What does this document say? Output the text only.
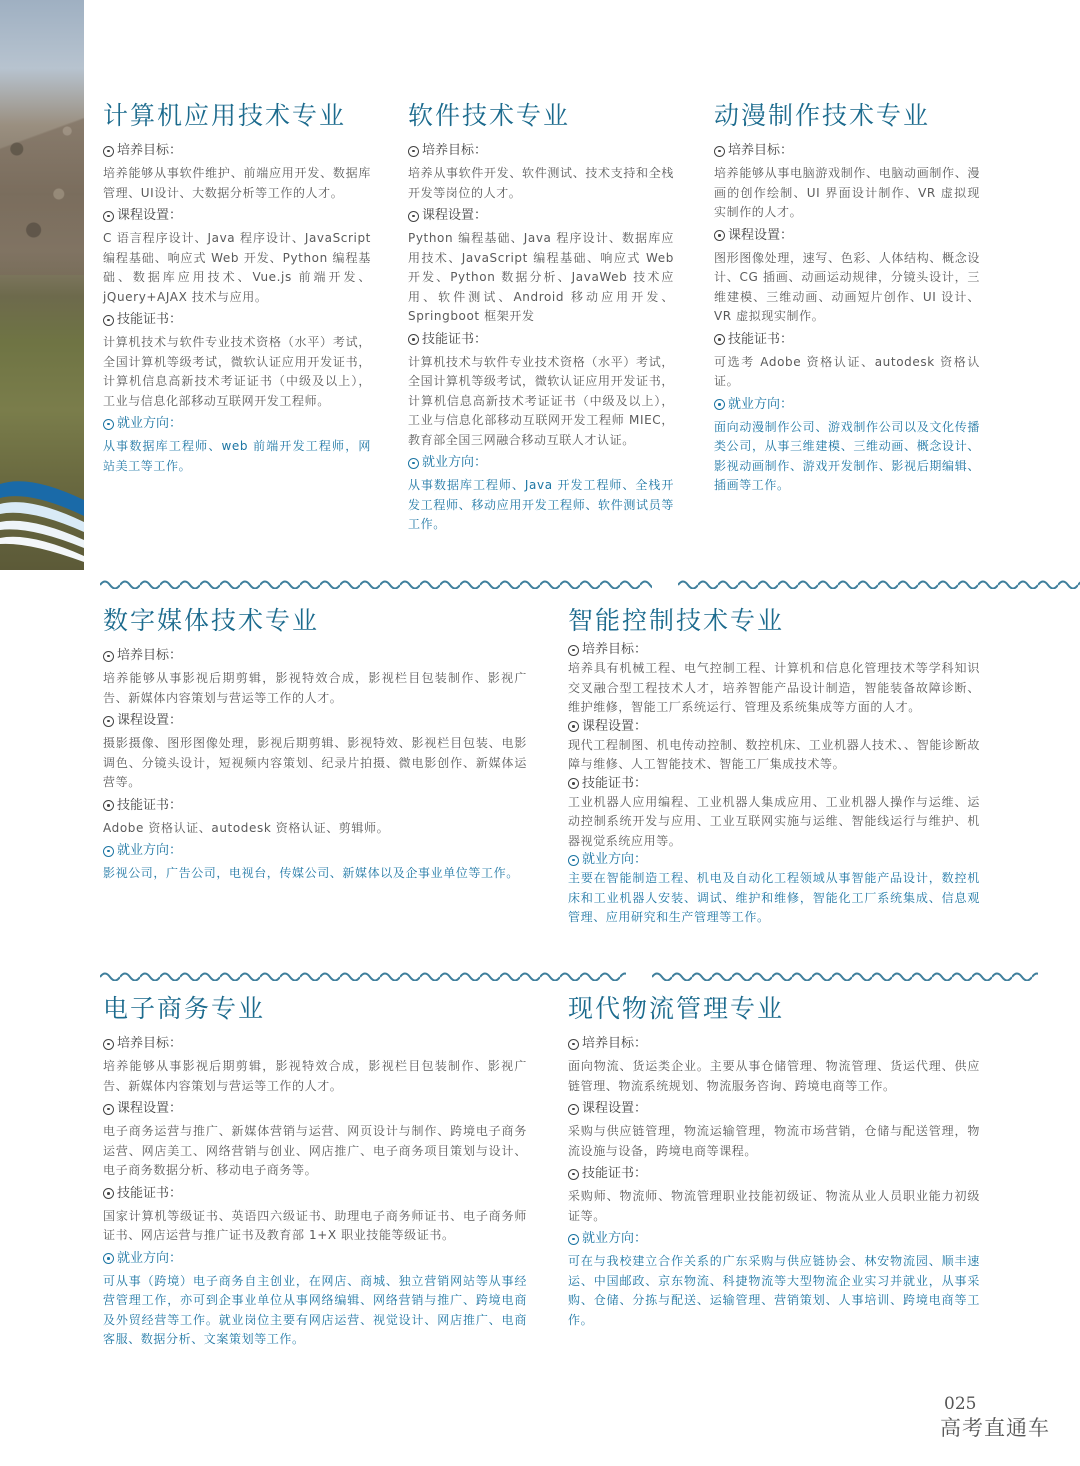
计算机应用技术专业
培养目标：

培养能够从事软件维护、前端应用开发、数据库管理、UI设计、大数据分析等工作的人才。

课程设置：

C 语言程序设计、Java 程序设计、JavaScript 编程基础、响应式 Web 开发、Python 编程基础、数据库应用技术、Vue.js 前端开发、jQuery+AJAX 技术与应用。

技能证书：

计算机技术与软件专业技术资格（水平）考试，全国计算机等级考试，微软认证应用开发证书，计算机信息高新技术考证证书（中级及以上），工业与信息化部移动互联网开发工程师。

就业方向：

从事数据库工程师、web 前端开发工程师，网站美工等工作。

软件技术专业
培养目标：

培养从事软件开发、软件测试、技术支持和全栈开发等岗位的人才。

课程设置：

Python 编程基础、Java 程序设计、数据库应用技术、JavaScript 编程基础、响应式 Web 开发、Python 数据分析、JavaWeb 技术应用、软件测试、Android 移动应用开发、Springboot 框架开发

技能证书：

计算机技术与软件专业技术资格（水平）考试，全国计算机等级考试，微软认证应用开发证书，计算机信息高新技术考证证书（中级及以上），工业与信息化部移动互联网开发工程师 MIEC，教育部全国三网融合移动互联人才认证。

就业方向：

从事数据库工程师、Java 开发工程师、全栈开发工程师、移动应用开发工程师、软件测试员等工作。

动漫制作技术专业
培养目标：

培养能够从事电脑游戏制作、电脑动画制作、漫画的创作绘制、UI 界面设计制作、VR 虚拟现实制作的人才。

课程设置：

图形图像处理，速写、色彩、人体结构、概念设计、CG 插画、动画运动规律，分镜头设计，三维建模、三维动画、动画短片创作、UI 设计、VR 虚拟现实制作。

技能证书：

可选考 Adobe 资格认证、autodesk 资格认证。

就业方向：

面向动漫制作公司、游戏制作公司以及文化传播类公司，从事三维建模、三维动画、概念设计、影视动画制作、游戏开发制作、影视后期编辑、插画等工作。

数字媒体技术专业
培养目标：

培养能够从事影视后期剪辑，影视特效合成，影视栏目包装制作、影视广告、新媒体内容策划与营运等工作的人才。

课程设置：

摄影摄像、图形图像处理，影视后期剪辑、影视特效、影视栏目包装、电影调色、分镜头设计，短视频内容策划、纪录片拍摄、微电影创作、新媒体运营等。

技能证书：

Adobe 资格认证、autodesk 资格认证、剪辑师。

就业方向：

影视公司，广告公司，电视台，传媒公司、新媒体以及企事业单位等工作。

智能控制技术专业
培养目标：

培养具有机械工程、电气控制工程、计算机和信息化管理技术等学科知识交叉融合型工程技术人才，培养智能产品设计制造，智能装备故障诊断、维护维修，智能工厂系统运行、管理及系统集成等方面的人才。

课程设置：

现代工程制图、机电传动控制、数控机床、工业机器人技术、、智能诊断故障与维修、人工智能技术、智能工厂集成技术等。

技能证书：

工业机器人应用编程、工业机器人集成应用、工业机器人操作与运维、运动控制系统开发与应用、工业互联网实施与运维、智能线运行与维护、机器视觉系统应用等。

就业方向：

主要在智能制造工程、机电及自动化工程领域从事智能产品设计，数控机床和工业机器人安装、调试、维护和维修，智能化工厂系统集成、信息观管理、应用研究和生产管理等工作。

电子商务专业
培养目标：

培养能够从事影视后期剪辑，影视特效合成，影视栏目包装制作、影视广告、新媒体内容策划与营运等工作的人才。

课程设置：

电子商务运营与推广、新媒体营销与运营、网页设计与制作、跨境电子商务运营、网店美工、网络营销与创业、网店推广、电子商务项目策划与设计、电子商务数据分析、移动电子商务等。

技能证书：

国家计算机等级证书、英语四六级证书、助理电子商务师证书、电子商务师证书、网店运营与推广证书及教育部 1+X 职业技能等级证书。

就业方向：

可从事（跨境）电子商务自主创业，在网店、商城、独立营销网站等从事经营管理工作，亦可到企事业单位从事网络编辑、网络营销与推广、跨境电商及外贸经营等工作。就业岗位主要有网店运营、视觉设计、网店推广、电商客服、数据分析、文案策划等工作。

现代物流管理专业
培养目标：

面向物流、货运类企业。主要从事仓储管理、物流管理、货运代理、供应链管理、物流系统规划、物流服务咨询、跨境电商等工作。

课程设置：

采购与供应链管理，物流运输管理，物流市场营销，仓储与配送管理，物流设施与设备，跨境电商等课程。

技能证书：

采购师、物流师、物流管理职业技能初级证、物流从业人员职业能力初级证等。

就业方向：

可在与我校建立合作关系的广东采购与供应链协会、林安物流园、顺丰速运、中国邮政、京东物流、科捷物流等大型物流企业实习并就业，从事采购、仓储、分拣与配送、运输管理、营销策划、人事培训、跨境电商等工作。

025
高考直通车
